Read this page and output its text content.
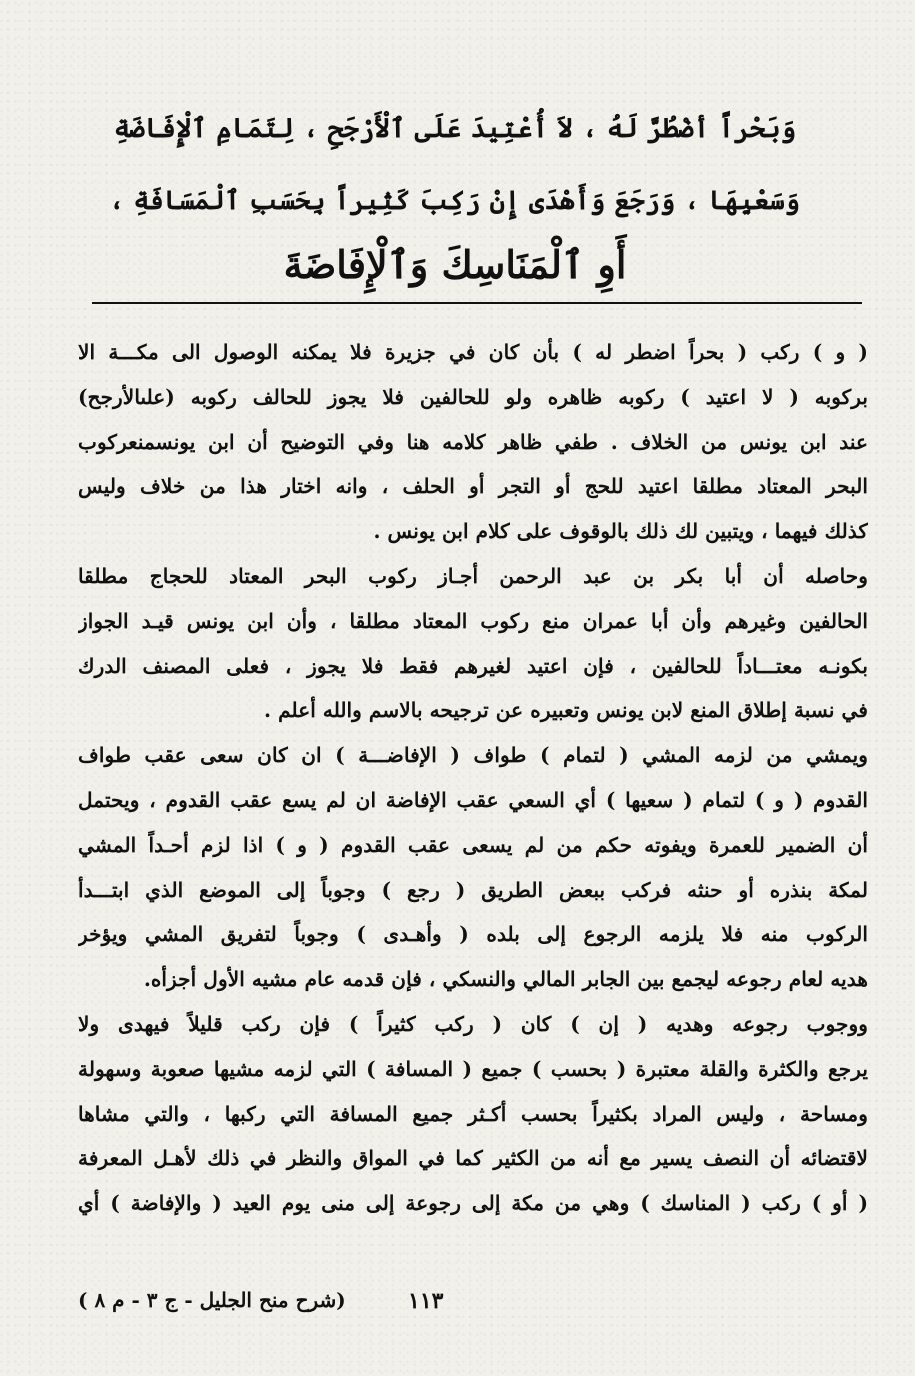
وَبَحْراً أضْطُرَّ لَهُ ، لاَ أُعْتِيدَ عَلَى ٱلْأَرْجَحِ ، لِتَمَامِ ٱلْإِفَاضَةِ
وَسَعْيِهَا ، وَرَجَعَ وَأَهْدَى إِنْ رَكِبَ كَثِيراً بِحَسَبِ ٱلْمَسَافَةِ ،
أَوِ ٱلْمَنَاسِكَ وَٱلْإِفَاضَةَ
( و ) ركب ( بحراً اضطر له ) بأن كان في جزيرة فلا يمكنه الوصول الى مكـــة الا
بركوبه ( لا اعتيد ) ركوبه ظاهره ولو للحالفين فلا يجوز للحالف ركوبه (علىالأرجح)
عند ابن يونس من الخلاف . طفي ظاهر كلامه هنا وفي التوضيح أن ابن يونسمنعركوب
البحر المعتاد مطلقا اعتيد للحج أو التجر أو الحلف ، وانه اختار هذا من خلاف وليس
كذلك فيهما ، ويتبين لك ذلك بالوقوف على كلام ابن يونس .
وحاصله أن أبا بكر بن عبد الرحمن أجـاز ركوب البحر المعتاد للحجاج مطلقا
الحالفين وغيرهم وأن أبا عمران منع ركوب المعتاد مطلقا ، وأن ابن يونس قيـد الجواز
بكونـه معتـــاداً للحالفين ، فإن اعتيد لغيرهم فقط فلا يجوز ، فعلى المصنف الدرك
في نسبة إطلاق المنع لابن يونس وتعبيره عن ترجيحه بالاسم والله أعلم .
ويمشي من لزمه المشي ( لتمام ) طواف ( الإفاضـــة ) ان كان سعى عقب طواف
القدوم ( و ) لتمام ( سعيها ) أي السعي عقب الإفاضة ان لم يسع عقب القدوم ، ويحتمل
أن الضمير للعمرة ويفوته حكم من لم يسعى عقب القدوم ( و ) اذا لزم أحـداً المشي
لمكة بنذره أو حنثه فركب ببعض الطريق ( رجع ) وجوباً إلى الموضع الذي ابتـــدأ
الركوب منه فلا يلزمه الرجوع إلى بلده ( وأهـدى ) وجوباً لتفريق المشي ويؤخر
هديه لعام رجوعه ليجمع بين الجابر المالي والنسكي ، فإن قدمه عام مشيه الأول أجزأه.
ووجوب رجوعه وهديه ( إن ) كان ( ركب كثيراً ) فإن ركب قليلاً فيهدى ولا
يرجع والكثرة والقلة معتبرة ( بحسب ) جميع ( المسافة ) التي لزمه مشيها صعوبة وسهولة
ومساحة ، وليس المراد بكثيراً بحسب أكـثر جميع المسافة التي ركبها ، والتي مشاها
لاقتضائه أن النصف يسير مع أنه من الكثير كما في المواق والنظر في ذلك لأهـل المعرفة
( أو ) ركب ( المناسك ) وهي من مكة إلى رجوعة إلى منى يوم العيد ( والإفاضة ) أي
١١٣
(شرح منح الجليل - ج ٣ - م ٨ )
